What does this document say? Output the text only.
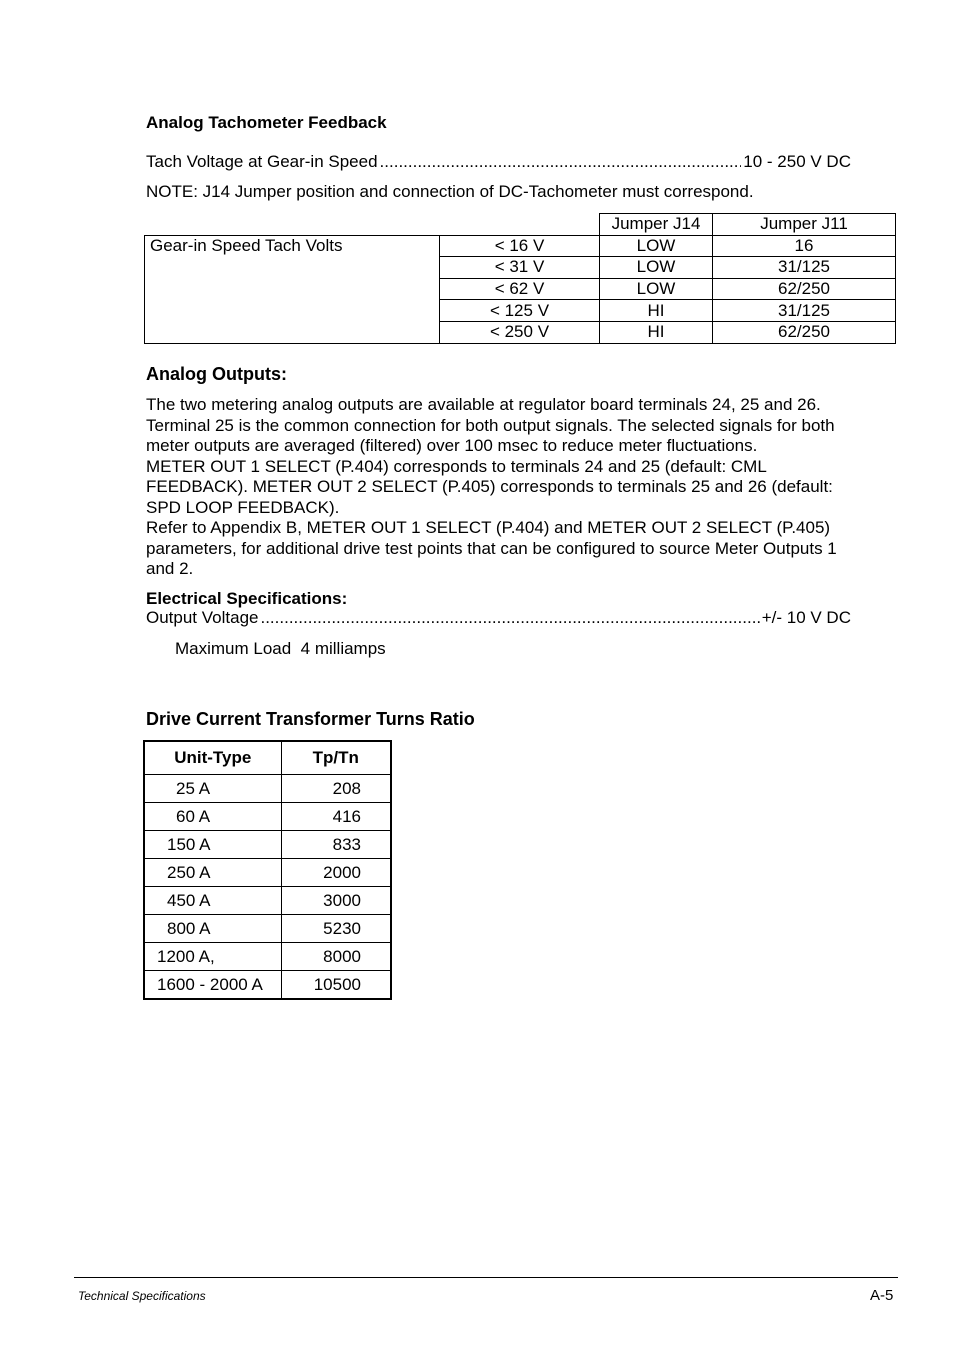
Analog Tachometer Feedback
Tach Voltage at Gear-in Speed .....	10 - 250 V DC
NOTE: J14 Jumper position and connection of DC-Tachometer must correspond.
		Jumper J14	Jumper J11
Gear-in Speed Tach Volts	< 16 V	LOW	16
	< 31 V	LOW	31/125
	< 62 V	LOW	62/250
	< 125 V	HI	31/125
	< 250 V	HI	62/250
Analog Outputs:
The two metering analog outputs are available at regulator board terminals 24, 25 and 26.
Terminal 25 is the common connection for both output signals. The selected signals for both
meter outputs are averaged (filtered) over 100 msec to reduce meter fluctuations.
METER OUT 1 SELECT (P.404) corresponds to terminals 24 and 25 (default: CML
FEEDBACK). METER OUT 2 SELECT (P.405) corresponds to terminals 25 and 26 (default:
SPD LOOP FEEDBACK).
Refer to Appendix B, METER OUT 1 SELECT (P.404) and METER OUT 2 SELECT (P.405)
parameters, for additional drive test points that can be configured to source Meter Outputs 1
and 2.
Electrical Specifications:
Output Voltage .....	+/- 10 V DC
Maximum Load  4 milliamps
Drive Current Transformer Turns Ratio
Unit-Type	Tp/Tn
25 A	208
60 A	416
150 A	833
250 A	2000
450 A	3000
800 A	5230
1200 A,	8000
1600 - 2000 A	10500
Technical Specifications	A-5
